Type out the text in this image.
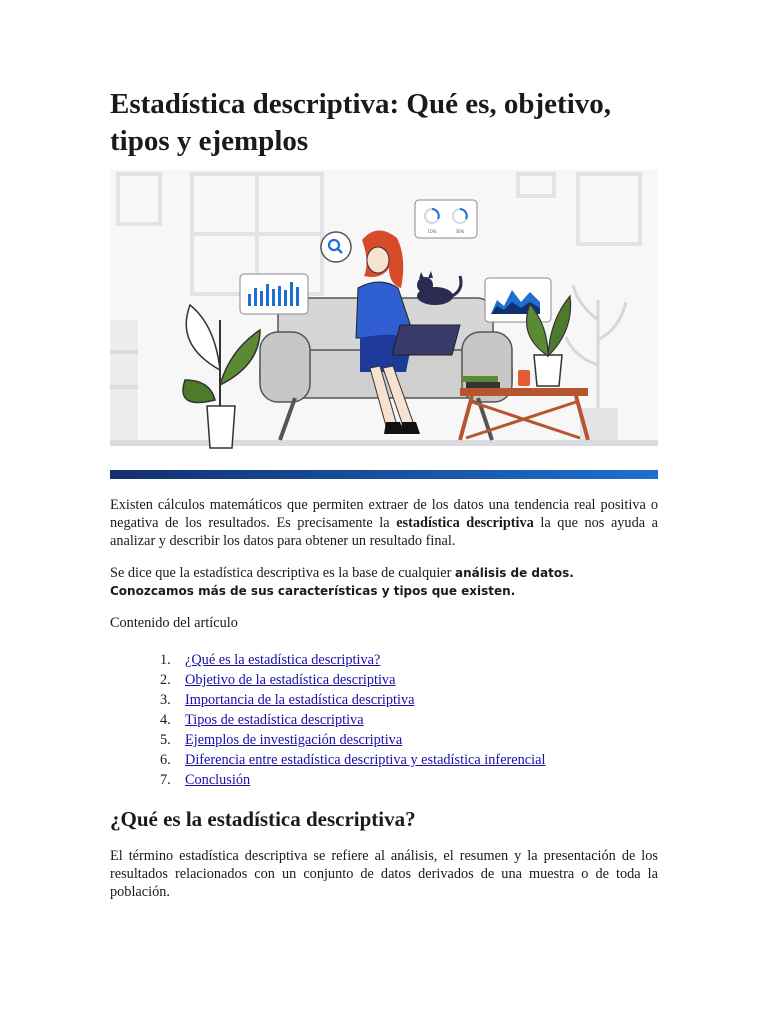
Estadística descriptiva: Qué es, objetivo, tipos y ejemplos
10%	30%

Existen cálculos matemáticos que permiten extraer de los datos una tendencia real positiva o negativa de los resultados. Es precisamente la estadística descriptiva la que nos ayuda a analizar y describir los datos para obtener un resultado final.

Se dice que la estadística descriptiva es la base de cualquier análisis de datos. Conozcamos más de sus características y tipos que existen.

Contenido del artículo

1. ¿Qué es la estadística descriptiva?
2. Objetivo de la estadística descriptiva
3. Importancia de la estadística descriptiva
4. Tipos de estadística descriptiva
5. Ejemplos de investigación descriptiva
6. Diferencia entre estadística descriptiva y estadística inferencial
7. Conclusión
¿Qué es la estadística descriptiva?

El término estadística descriptiva se refiere al análisis, el resumen y la presentación de los resultados relacionados con un conjunto de datos derivados de una muestra o de toda la población.
